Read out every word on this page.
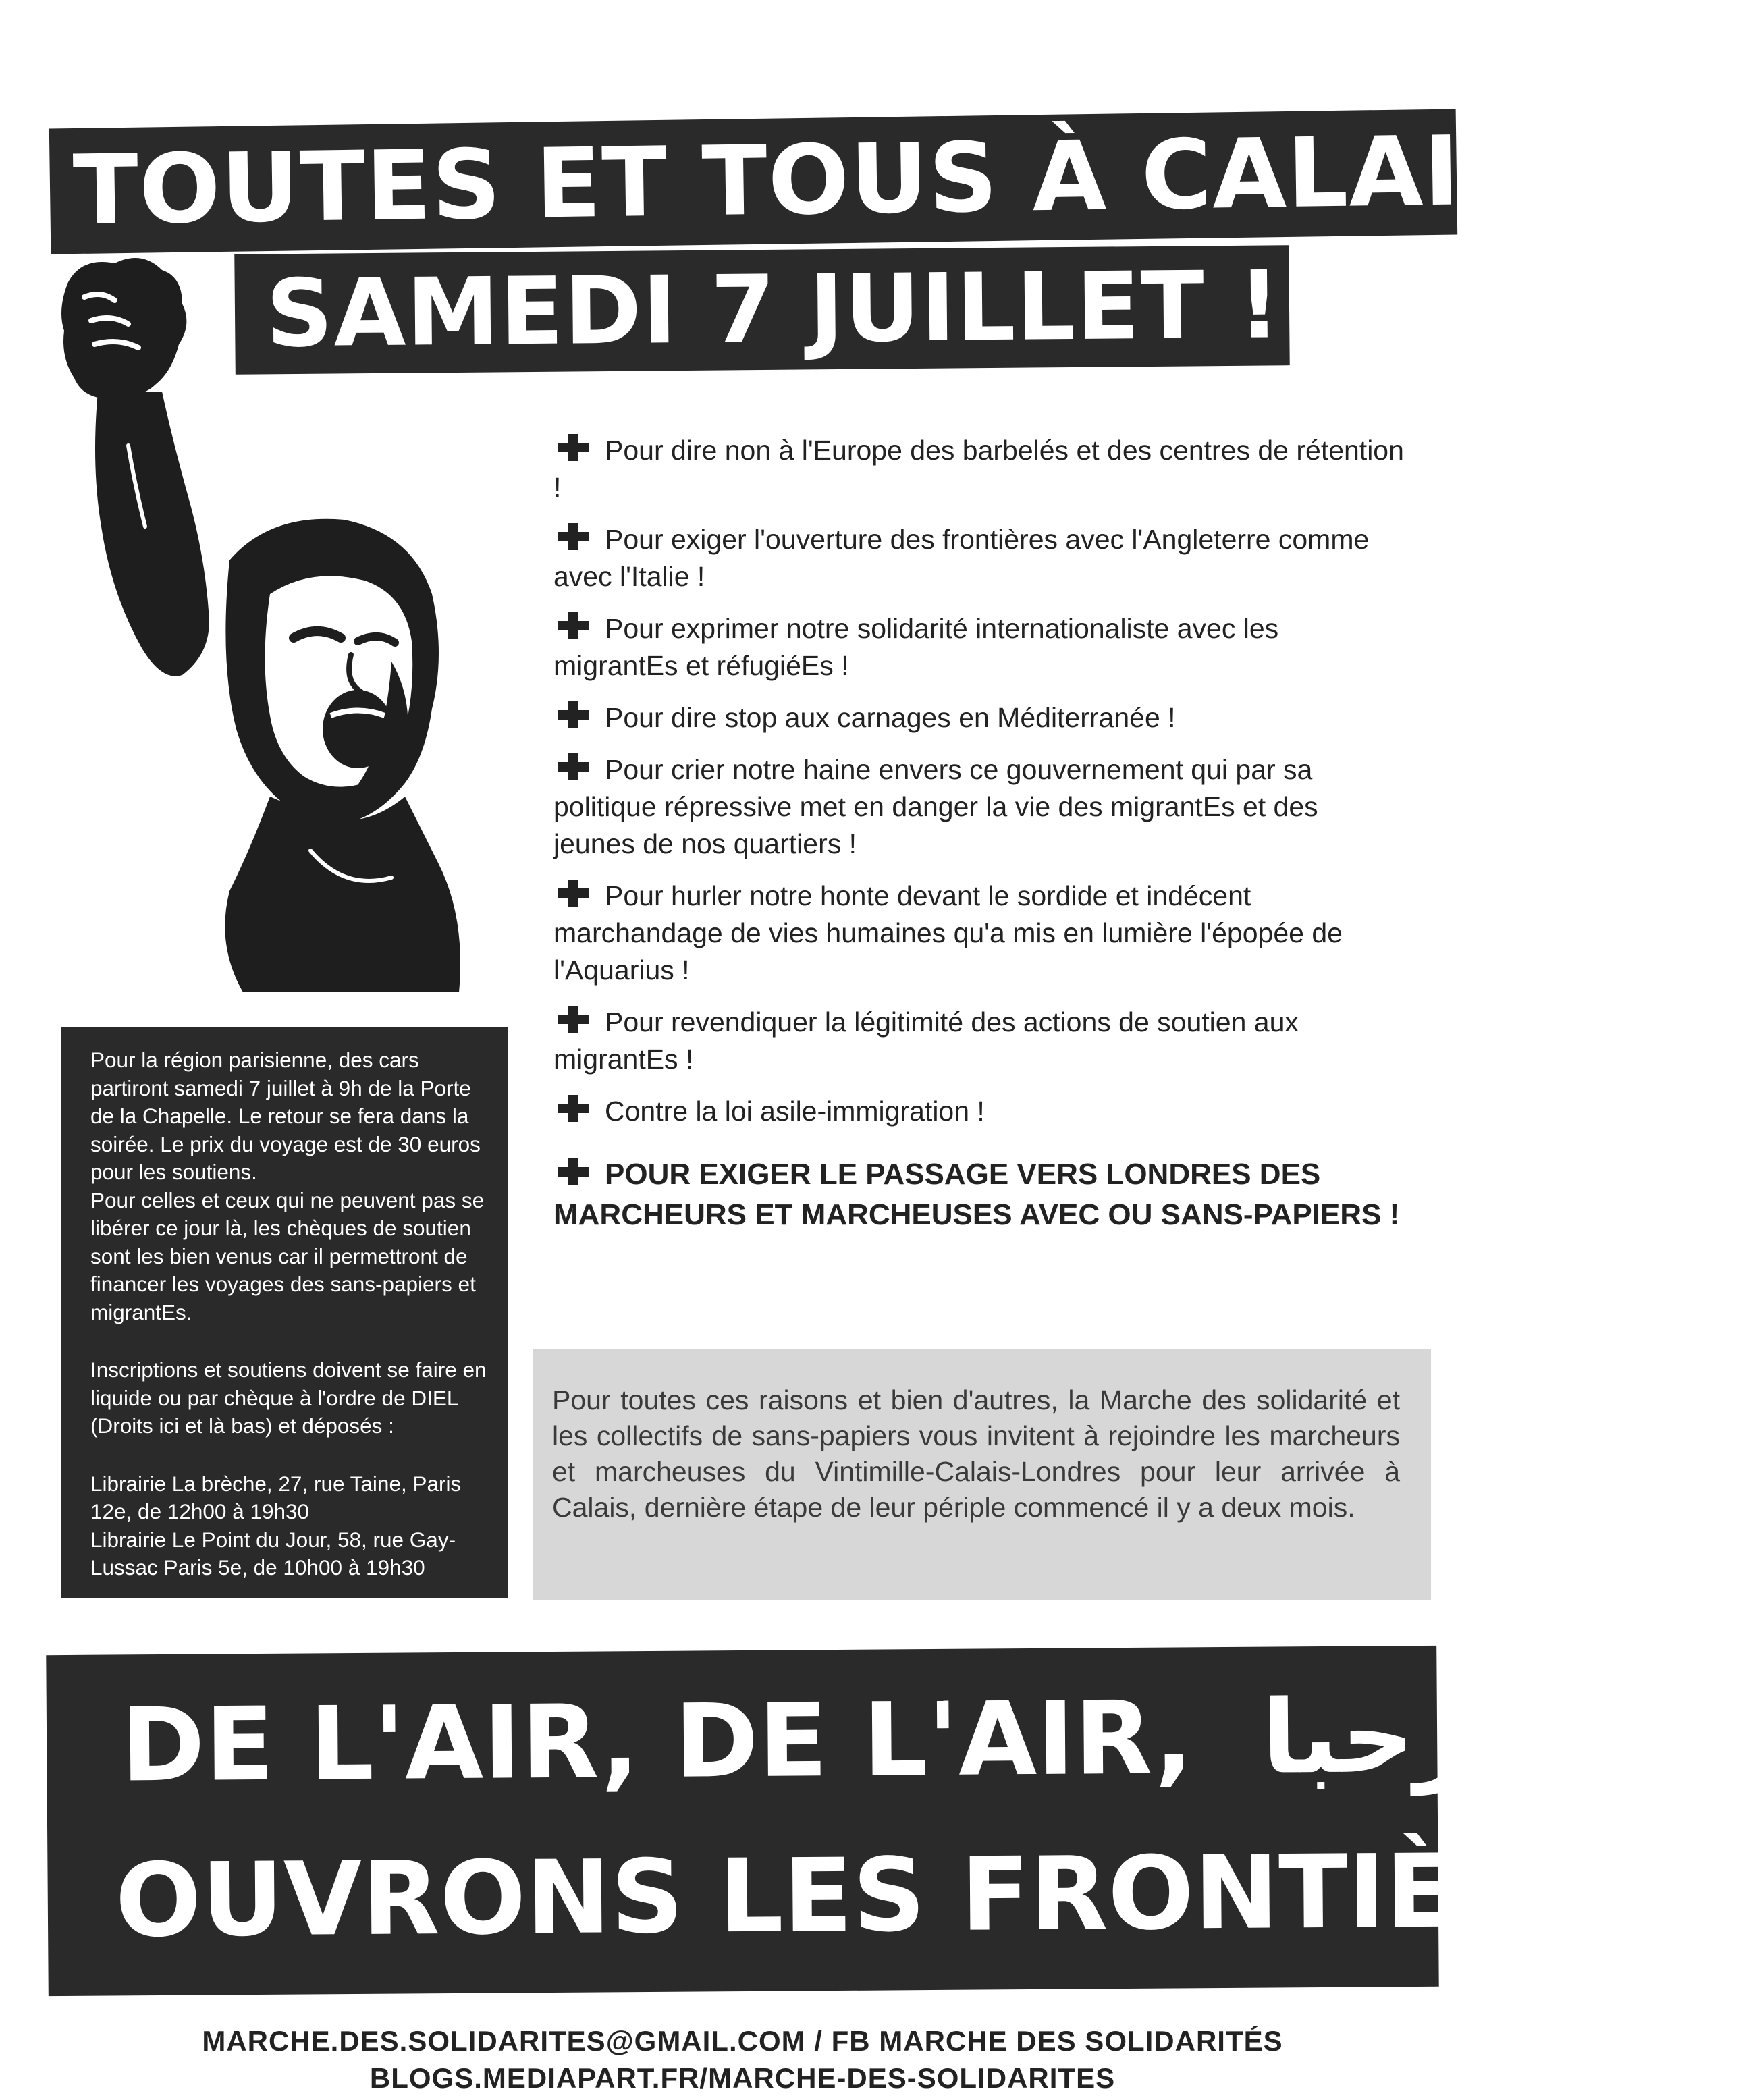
TOUTES ET TOUS À CALAIS
SAMEDI 7 JUILLET !
Pour dire non à l'Europe des barbelés et des centres de rétention !
Pour exiger l'ouverture des frontières avec l'Angleterre comme avec l'Italie !
Pour exprimer notre solidarité internationaliste avec les migrantEs et réfugiéEs !
Pour dire stop aux carnages en Méditerranée !
Pour crier notre haine envers ce gouvernement qui par sa politique répressive met en danger la vie des migrantEs et des jeunes de nos quartiers !
Pour hurler notre honte devant le sordide et indécent marchandage de vies humaines qu'a mis en lumière l'épopée de l'Aquarius !
Pour revendiquer la légitimité des actions de soutien aux migrantEs !
Contre la loi asile-immigration !
POUR EXIGER LE PASSAGE VERS LONDRES DES MARCHEURS ET MARCHEUSES AVEC OU SANS-PAPIERS !

Pour la région parisienne, des cars partiront samedi 7 juillet à 9h de la Porte de la Chapelle. Le retour se fera dans la soirée. Le prix du voyage est de 30 euros pour les soutiens.

Pour celles et ceux qui ne peuvent pas se libérer ce jour là, les chèques de soutien sont les bien venus car il permettront de financer les voyages des sans-papiers et migrantEs.

Inscriptions et soutiens doivent se faire en liquide ou par chèque à l'ordre de DIEL (Droits ici et là bas) et déposés :

Librairie La brèche, 27, rue Taine, Paris 12e, de 12h00 à 19h30

Librairie Le Point du Jour, 58, rue Gay-Lussac Paris 5e, de 10h00 à 19h30

Pour toutes ces raisons et bien d'autres, la Marche des solidarité et les collectifs de sans-papiers vous invitent à rejoindre les marcheurs et marcheuses du Vintimille-Calais-Londres pour leur arrivée à Calais, dernière étape de leur périple commencé il y a deux mois.

DE L'AIR, DE L'AIR, مرحبا
OUVRONS LES FRONTIÈRES !
MARCHE.DES.SOLIDARITES@GMAIL.COM / FB MARCHE DES SOLIDARITÉS
BLOGS.MEDIAPART.FR/MARCHE-DES-SOLIDARITES
